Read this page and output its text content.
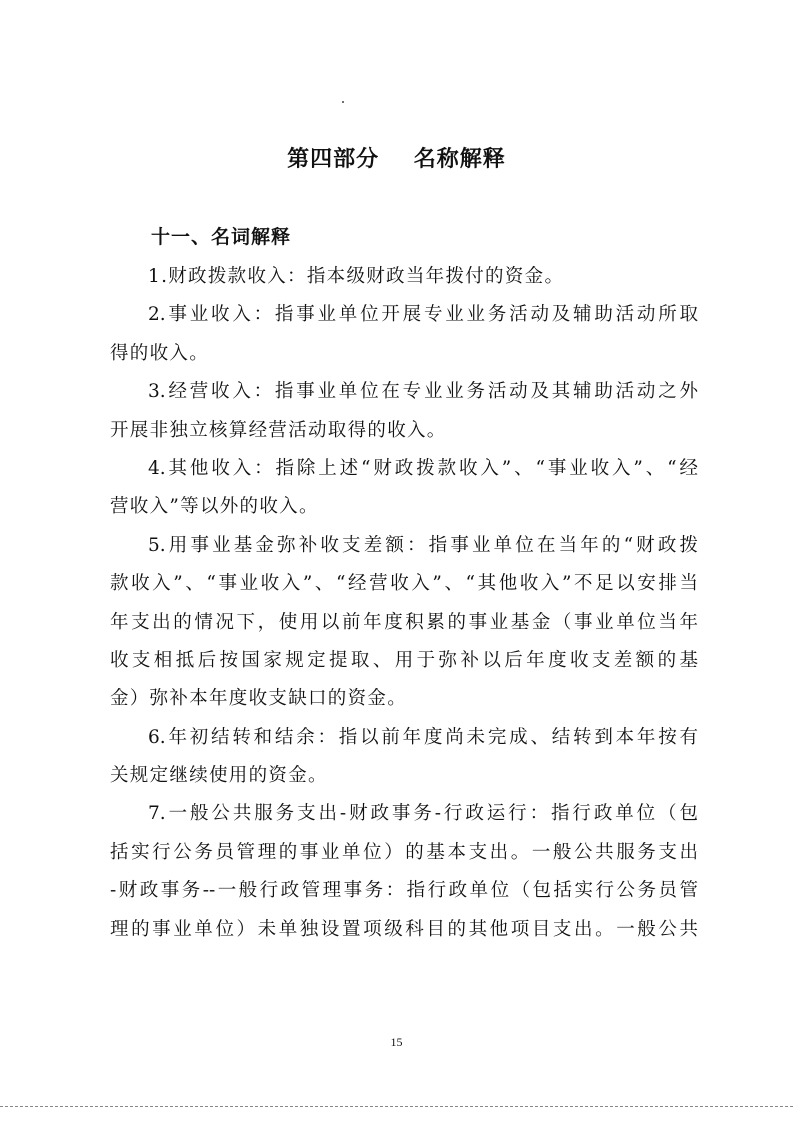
第四部分    名称解释
十一、名词解释
1.财政拨款收入：指本级财政当年拨付的资金。
2.事业收入：指事业单位开展专业业务活动及辅助活动所取
得的收入。
3.经营收入：指事业单位在专业业务活动及其辅助活动之外
开展非独立核算经营活动取得的收入。
4.其他收入：指除上述“财政拨款收入”、“事业收入”、“经
营收入”等以外的收入。
5.用事业基金弥补收支差额：指事业单位在当年的“财政拨
款收入”、“事业收入”、“经营收入”、“其他收入”不足以安排当
年支出的情况下，使用以前年度积累的事业基金（事业单位当年
收支相抵后按国家规定提取、用于弥补以后年度收支差额的基
金）弥补本年度收支缺口的资金。
6.年初结转和结余：指以前年度尚未完成、结转到本年按有
关规定继续使用的资金。
7.一般公共服务支出-财政事务-行政运行：指行政单位（包
括实行公务员管理的事业单位）的基本支出。一般公共服务支出
-财政事务--一般行政管理事务：指行政单位（包括实行公务员管
理的事业单位）未单独设置项级科目的其他项目支出。一般公共
15
